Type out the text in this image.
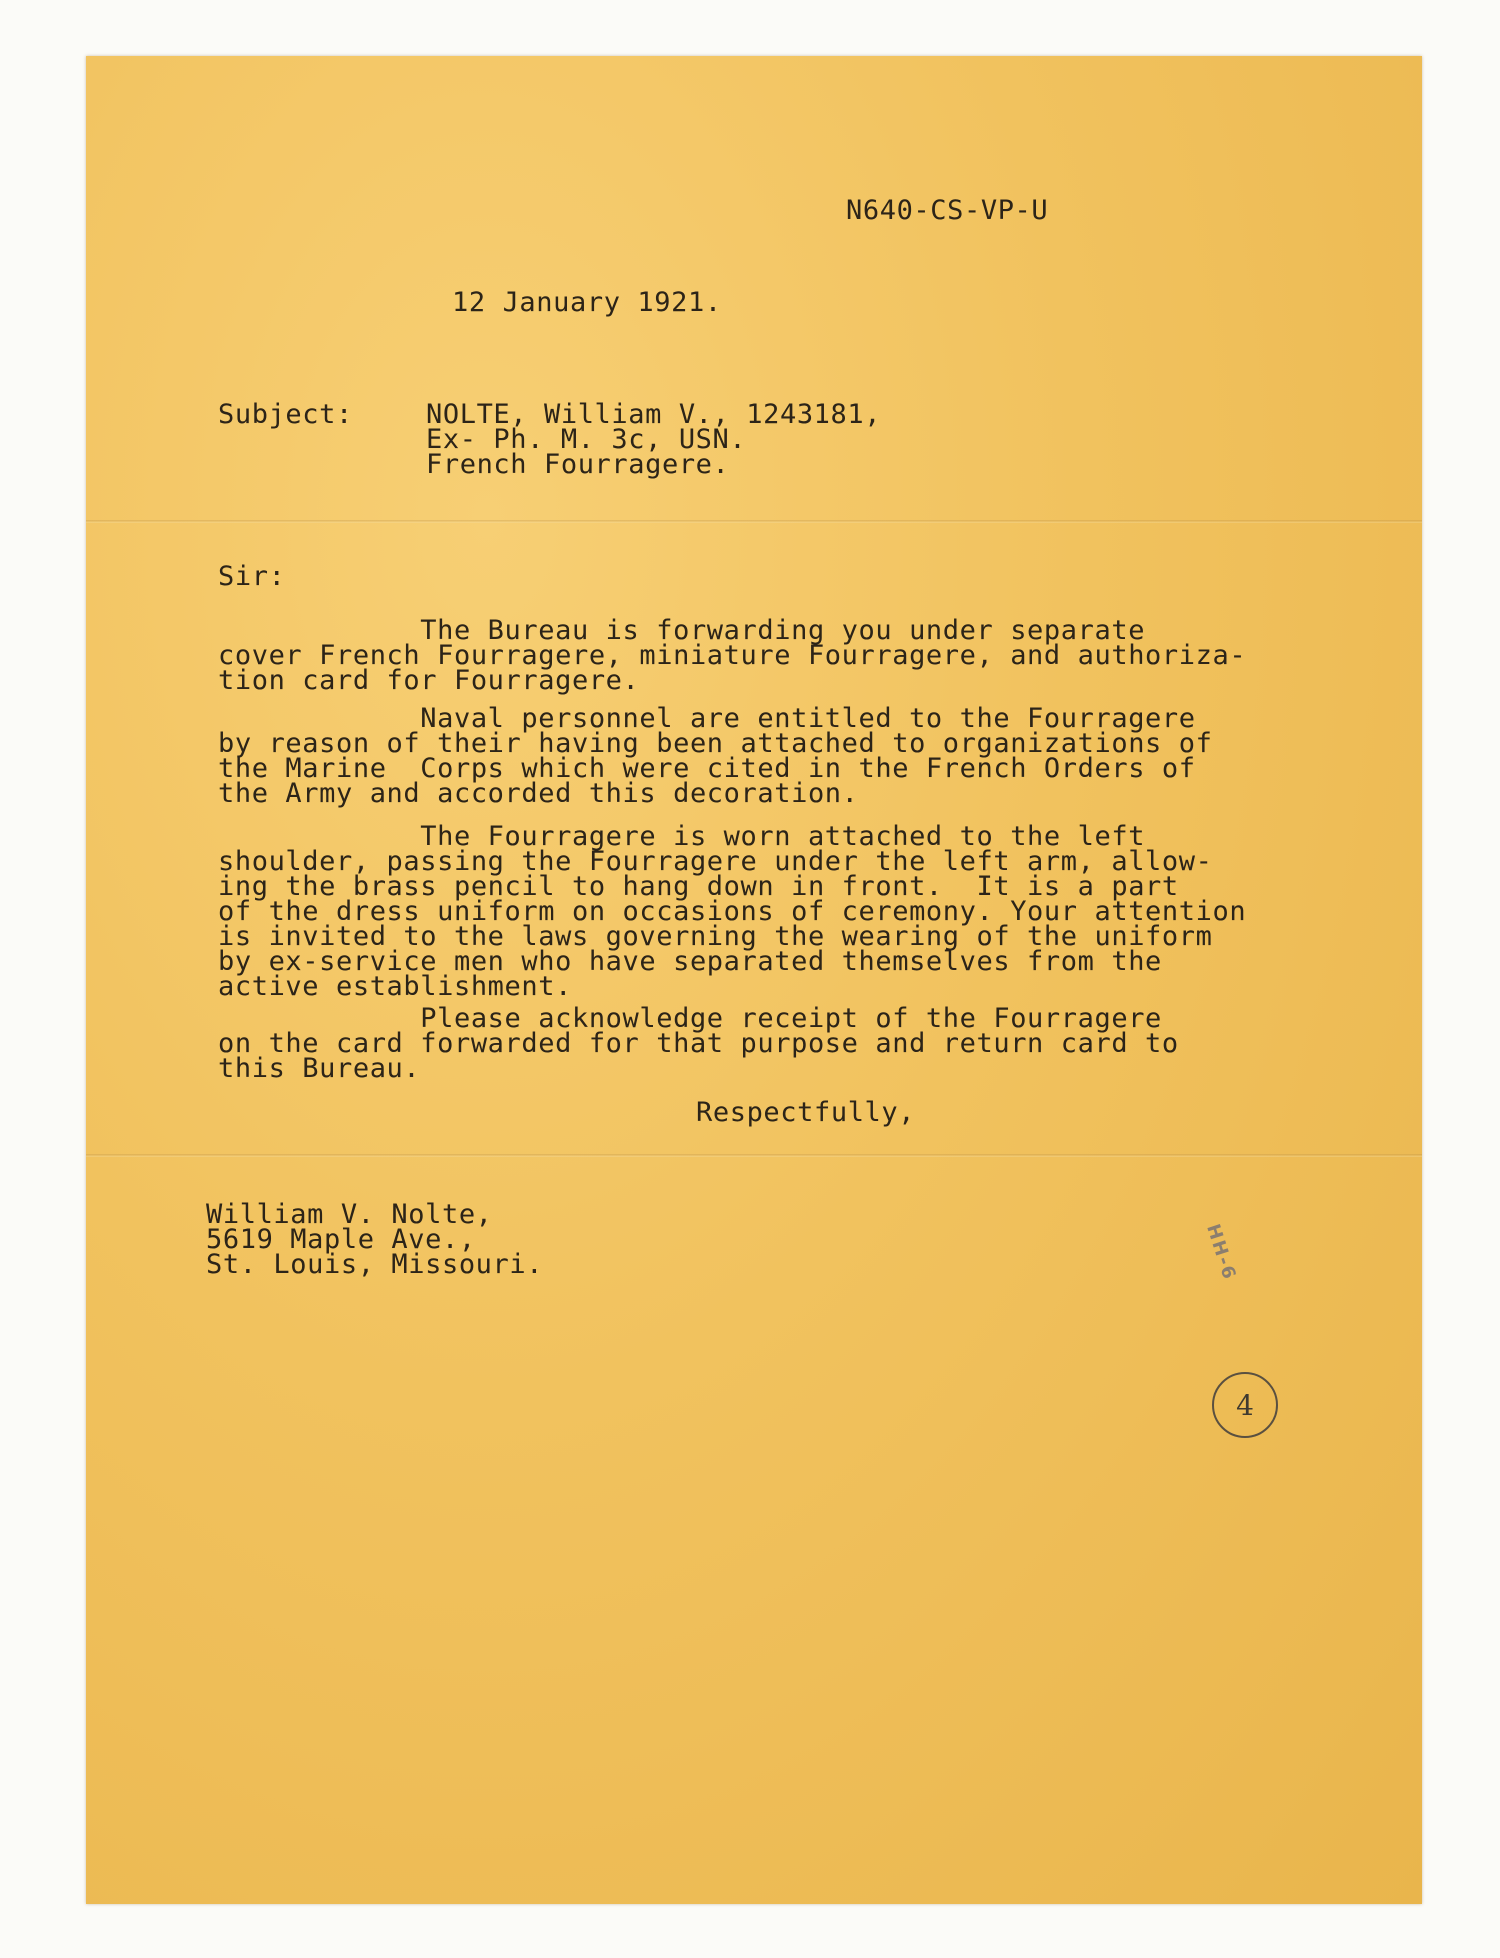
N640-CS-VP-U

12 January 1921.

Subject:	NOLTE, William V., 1243181,

Ex- Ph. M. 3c, USN.

French Fourragere.

Sir:

The Bureau is forwarding you under separate
cover French Fourragere, miniature Fourragere, and authoriza-
tion card for Fourragere.

Naval personnel are entitled to the Fourragere
by reason of their having been attached to organizations of
the Marine  Corps which were cited in the French Orders of
the Army and accorded this decoration.

The Fourragere is worn attached to the left
shoulder, passing the Fourragere under the left arm, allow-
ing the brass pencil to hang down in front.  It is a part
of the dress uniform on occasions of ceremony. Your attention
is invited to the laws governing the wearing of the uniform
by ex-service men who have separated themselves from the
active establishment.

Please acknowledge receipt of the Fourragere
on the card forwarded for that purpose and return card to
this Bureau.

Respectfully,

William V. Nolte,

5619 Maple Ave.,

St. Louis, Missouri.	HH-6
4
